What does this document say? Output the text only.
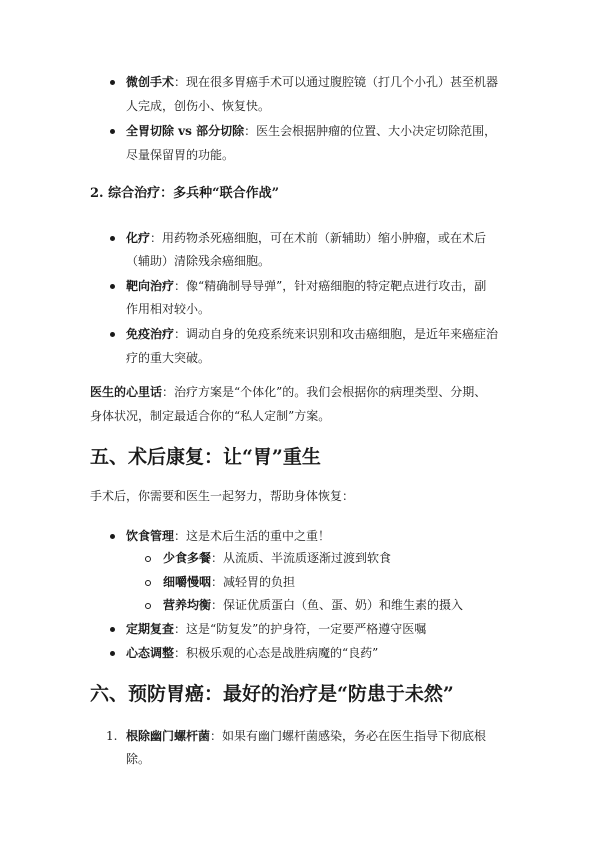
微创手术：现在很多胃癌手术可以通过腹腔镜（打几个小孔）甚至机器
人完成，创伤小、恢复快。
全胃切除 vs 部分切除：医生会根据肿瘤的位置、大小决定切除范围，
尽量保留胃的功能。
2. 综合治疗：多兵种“联合作战”
化疗：用药物杀死癌细胞，可在术前（新辅助）缩小肿瘤，或在术后
（辅助）清除残余癌细胞。
靶向治疗：像“精确制导导弹”，针对癌细胞的特定靶点进行攻击，副
作用相对较小。
免疫治疗：调动自身的免疫系统来识别和攻击癌细胞，是近年来癌症治
疗的重大突破。
医生的心里话：治疗方案是“个体化”的。我们会根据你的病理类型、分期、
身体状况，制定最适合你的“私人定制”方案。
五、术后康复：让“胃”重生
手术后，你需要和医生一起努力，帮助身体恢复：
饮食管理：这是术后生活的重中之重！
少食多餐：从流质、半流质逐渐过渡到软食
细嚼慢咽：减轻胃的负担
营养均衡：保证优质蛋白（鱼、蛋、奶）和维生素的摄入
定期复查：这是“防复发”的护身符，一定要严格遵守医嘱
心态调整：积极乐观的心态是战胜病魔的“良药”
六、预防胃癌：最好的治疗是“防患于未然”
1. 根除幽门螺杆菌：如果有幽门螺杆菌感染，务必在医生指导下彻底根
除。
